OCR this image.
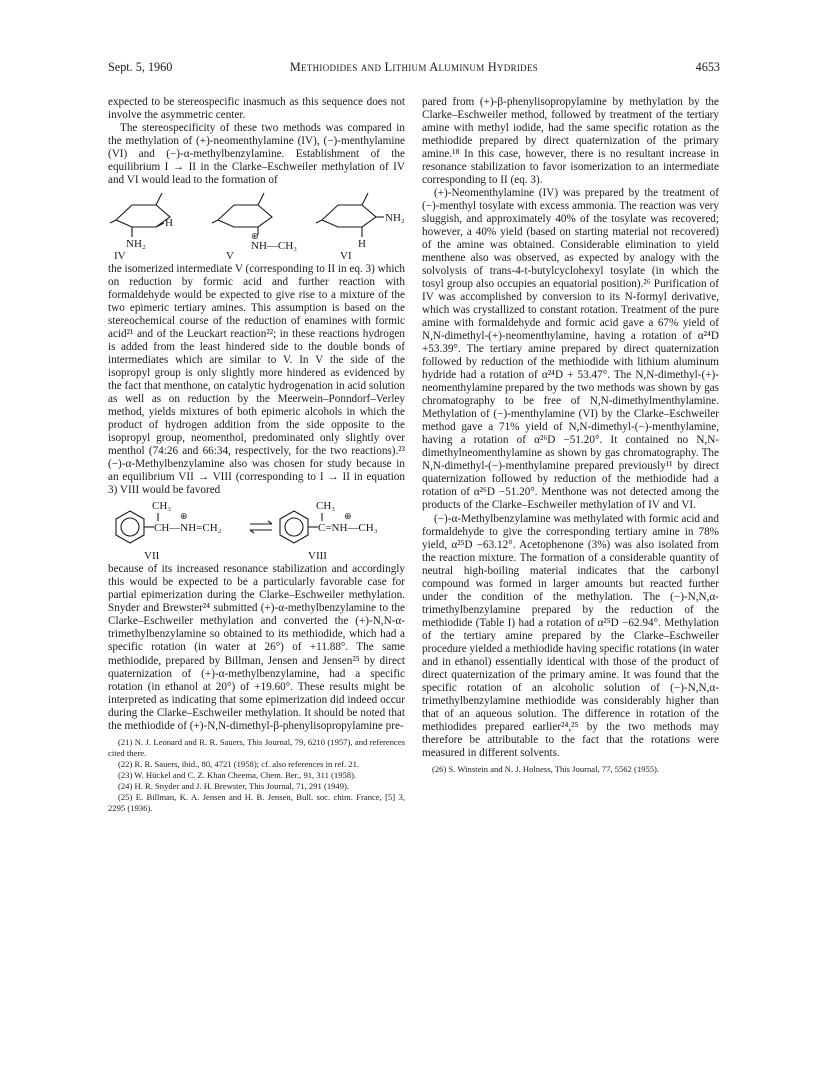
Sept. 5, 1960	Methiodides and Lithium Aluminum Hydrides	4653

expected to be stereospecific inasmuch as this sequence does not involve the asymmetric center.

The stereospecificity of these two methods was compared in the methylation of (+)-neomenthylamine (IV), (−)-menthylamine (VI) and (−)-α-methylbenzylamine. Establishment of the equilibrium I → II in the Clarke–Eschweiler methylation of IV and VI would lead to the formation of

H
NH₂
⊕
NH—CH₃
NH₂
H
IV	V	VI

the isomerized intermediate V (corresponding to II in eq. 3) which on reduction by formic acid and further reaction with formaldehyde would be expected to give rise to a mixture of the two epimeric tertiary amines. This assumption is based on the stereochemical course of the reduction of enamines with formic acid²¹ and of the Leuckart reaction²²; in these reactions hydrogen is added from the least hindered side to the double bonds of intermediates which are similar to V. In V the side of the isopropyl group is only slightly more hindered as evidenced by the fact that menthone, on catalytic hydrogenation in acid solution as well as on reduction by the Meerwein–Ponndorf–Verley method, yields mixtures of both epimeric alcohols in which the product of hydrogen addition from the side opposite to the isopropyl group, neomenthol, predominated only slightly over menthol (74:26 and 66:34, respectively, for the two reactions).²³ (−)-α-Methylbenzylamine also was chosen for study because in an equilibrium VII → VIII (corresponding to I → II in equation 3) VIII would be favored

CH₃
⊕
CH—NH=CH₂
CH₃
⊕
C=NH—CH₃
VII	VIII

because of its increased resonance stabilization and accordingly this would be expected to be a particularly favorable case for partial epimerization during the Clarke–Eschweiler methylation. Snyder and Brewster²⁴ submitted (+)-α-methylbenzylamine to the Clarke–Eschweiler methylation and converted the (+)-N,N-α-trimethylbenzylamine so obtained to its methiodide, which had a specific rotation (in water at 26°) of +11.88°. The same methiodide, prepared by Billman, Jensen and Jensen²⁵ by direct quaternization of (+)-α-methylbenzylamine, had a specific rotation (in ethanol at 20°) of +19.60°. These results might be interpreted as indicating that some epimerization did indeed occur during the Clarke–Eschweiler methylation. It should be noted that the methiodide of (+)-N,N-dimethyl-β-phenylisopropylamine pre-

(21) N. J. Leonard and R. R. Sauers, This Journal, 79, 6210 (1957), and references cited there.

(22) R. R. Sauers, ibid., 80, 4721 (1958); cf. also references in ref. 21.

(23) W. Hückel and C. Z. Khan Cheema, Chem. Ber., 91, 311 (1958).

(24) H. R. Snyder and J. H. Brewster, This Journal, 71, 291 (1949).

(25) E. Billman, K. A. Jensen and H. B. Jensen, Bull. soc. chim. France, [5] 3, 2295 (1936).

pared from (+)-β-phenylisopropylamine by methylation by the Clarke–Eschweiler method, followed by treatment of the tertiary amine with methyl iodide, had the same specific rotation as the methiodide prepared by direct quaternization of the primary amine.¹⁸ In this case, however, there is no resultant increase in resonance stabilization to favor isomerization to an intermediate corresponding to II (eq. 3).

(+)-Neomenthylamine (IV) was prepared by the treatment of (−)-menthyl tosylate with excess ammonia. The reaction was very sluggish, and approximately 40% of the tosylate was recovered; however, a 40% yield (based on starting material not recovered) of the amine was obtained. Considerable elimination to yield menthene also was observed, as expected by analogy with the solvolysis of trans-4-t-butylcyclohexyl tosylate (in which the tosyl group also occupies an equatorial position).²⁶ Purification of IV was accomplished by conversion to its N-formyl derivative, which was crystallized to constant rotation. Treatment of the pure amine with formaldehyde and formic acid gave a 67% yield of N,N-dimethyl-(+)-neomenthylamine, having a rotation of α²⁴D +53.39°. The tertiary amine prepared by direct quaternization followed by reduction of the methiodide with lithium aluminum hydride had a rotation of α²⁴D + 53.47°. The N,N-dimethyl-(+)-neomenthylamine prepared by the two methods was shown by gas chromatography to be free of N,N-dimethylmenthylamine. Methylation of (−)-menthylamine (VI) by the Clarke–Eschweiler method gave a 71% yield of N,N-dimethyl-(−)-menthylamine, having a rotation of α²⁶D −51.20°. It contained no N,N-dimethylneomenthylamine as shown by gas chromatography. The N,N-dimethyl-(−)-menthylamine prepared previously¹¹ by direct quaternization followed by reduction of the methiodide had a rotation of α²⁶D −51.20°. Menthone was not detected among the products of the Clarke–Eschweiler methylation of IV and VI.

(−)-α-Methylbenzylamine was methylated with formic acid and formaldehyde to give the corresponding tertiary amine in 78% yield, α²⁵D −63.12°. Acetophenone (3%) was also isolated from the reaction mixture. The formation of a considerable quantity of neutral high-boiling material indicates that the carbonyl compound was formed in larger amounts but reacted further under the condition of the methylation. The (−)-N,N,α-trimethylbenzylamine prepared by the reduction of the methiodide (Table I) had a rotation of α²⁵D −62.94°. Methylation of the tertiary amine prepared by the Clarke–Eschweiler procedure yielded a methiodide having specific rotations (in water and in ethanol) essentially identical with those of the product of direct quaternization of the primary amine. It was found that the specific rotation of an alcoholic solution of (−)-N,N,α-trimethylbenzylamine methiodide was considerably higher than that of an aqueous solution. The difference in rotation of the methiodides prepared earlier²⁴,²⁵ by the two methods may therefore be attributable to the fact that the rotations were measured in different solvents.

(26) S. Winstein and N. J. Holness, This Journal, 77, 5562 (1955).
